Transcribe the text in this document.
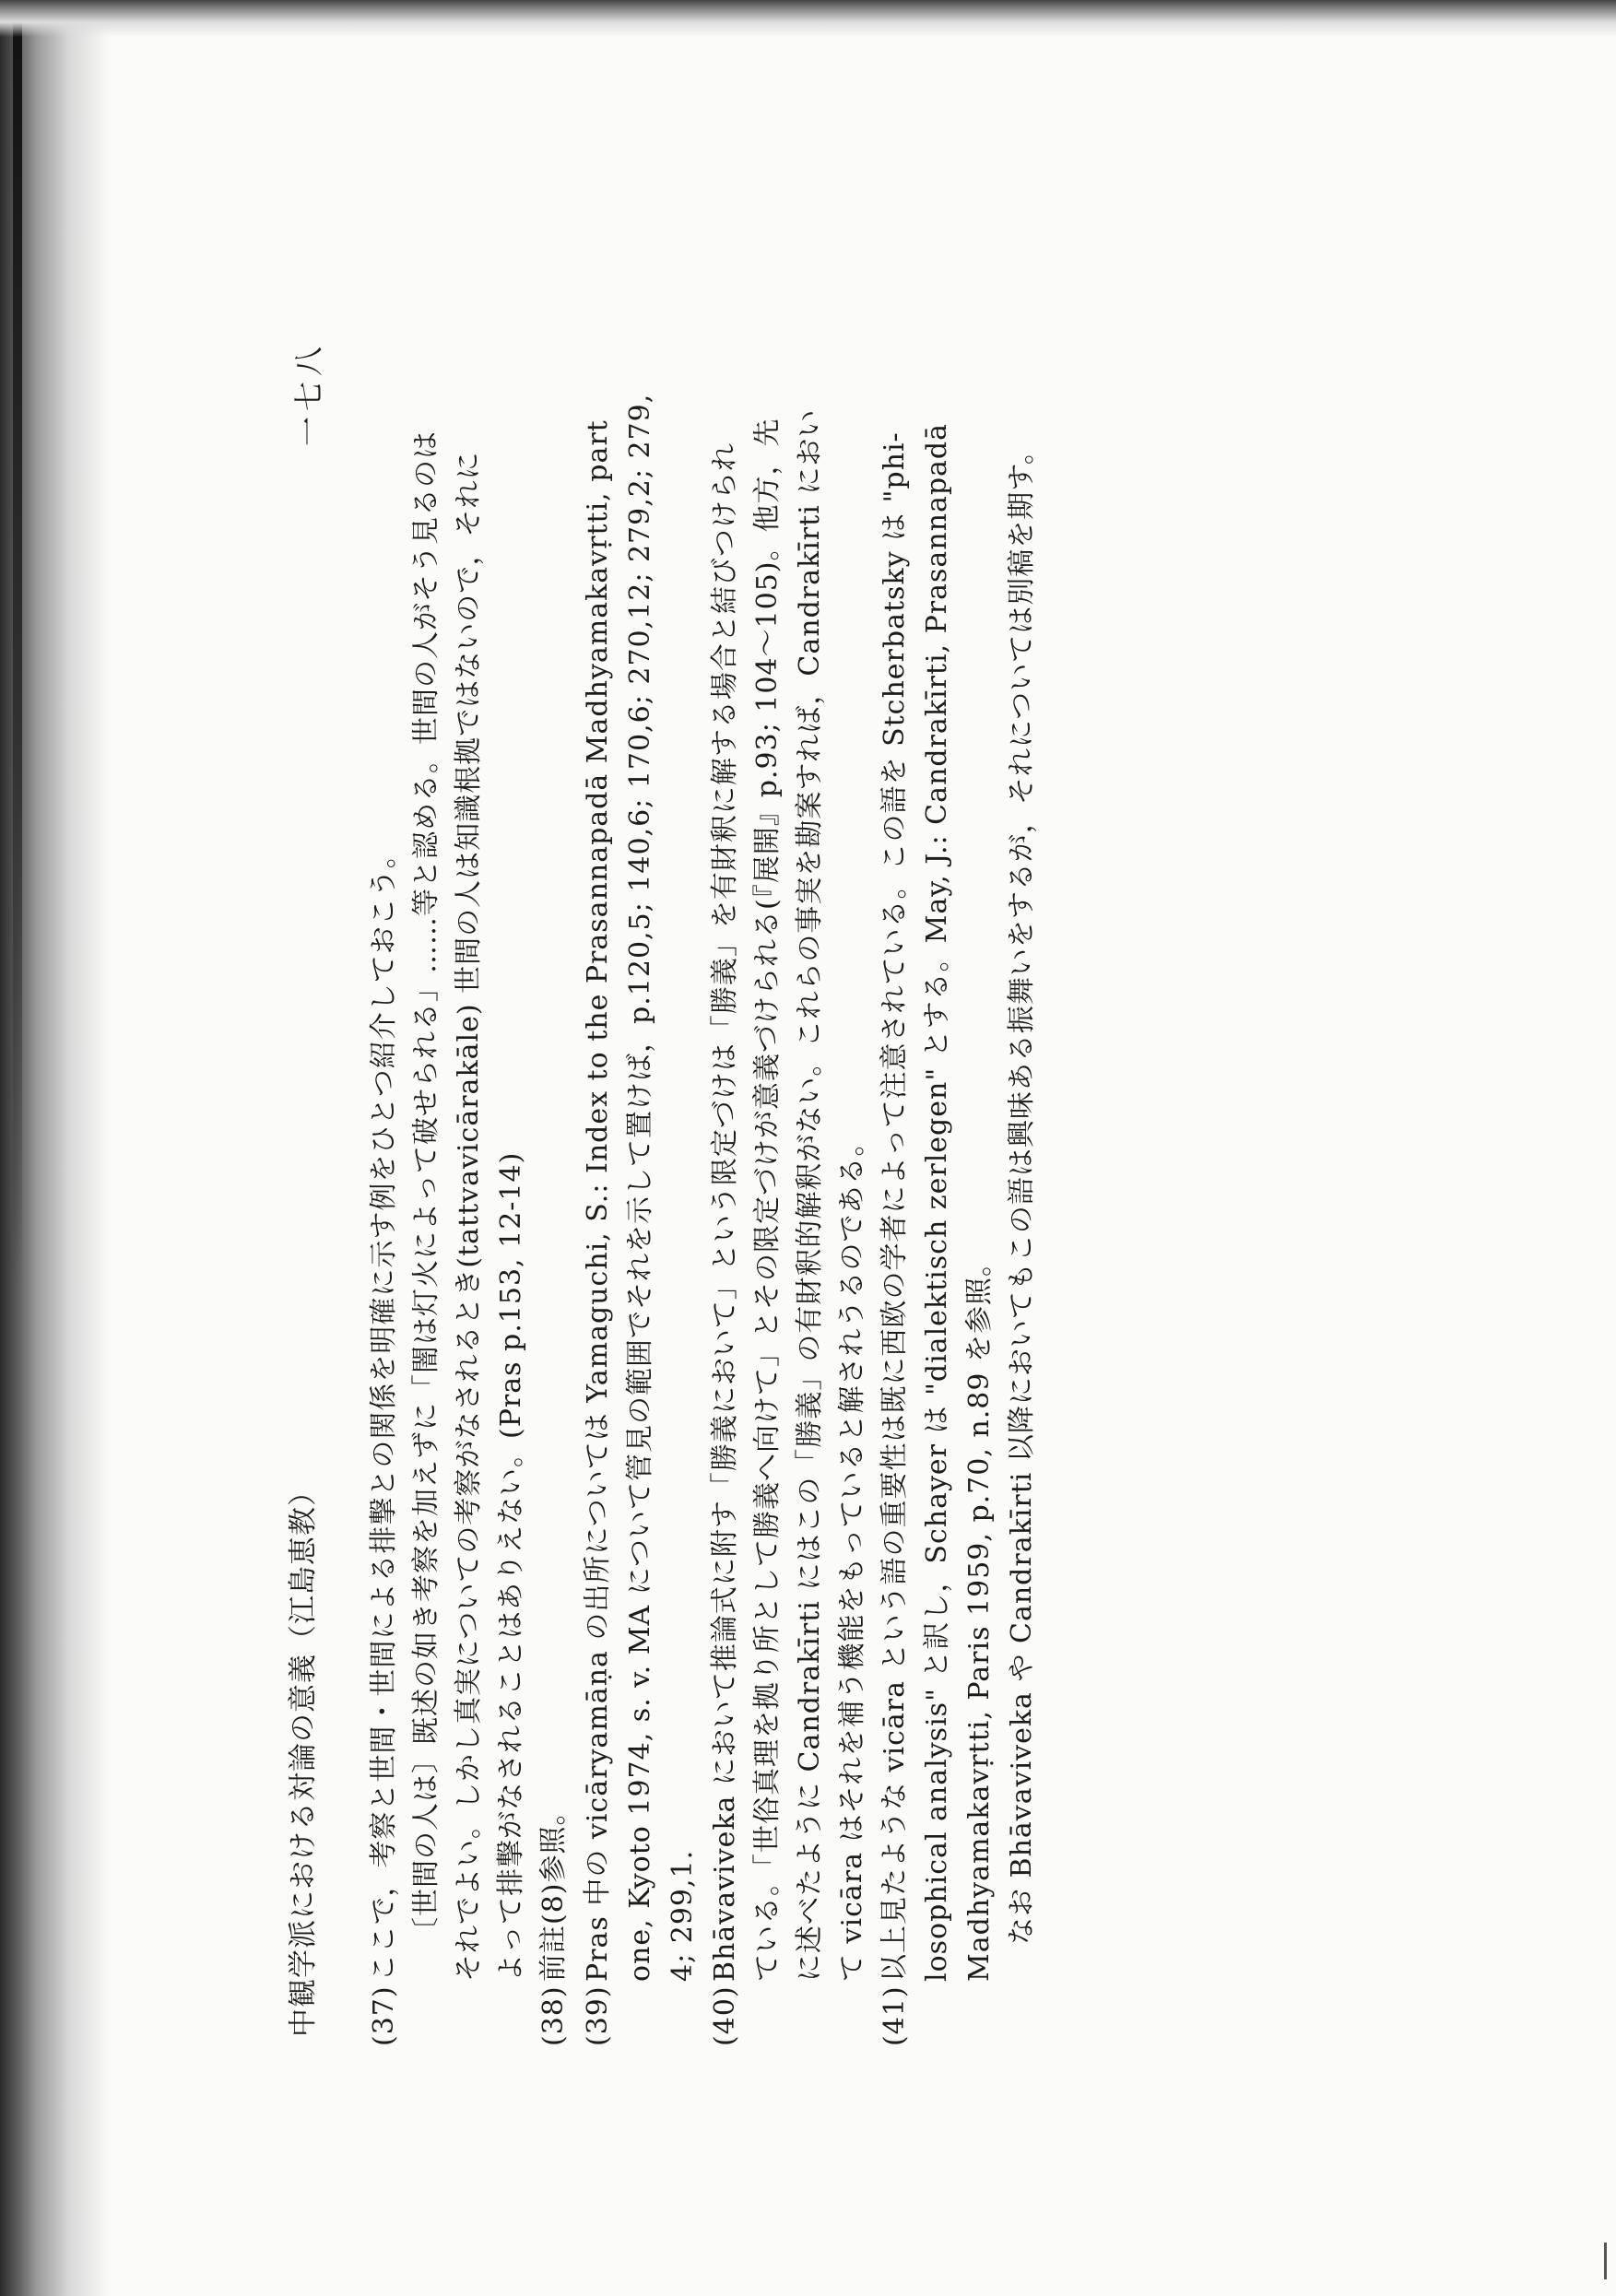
中観学派における対論の意義（江島恵教）
一七八
(37)ここで，考察と世間・世間による排撃との関係を明確に示す例をひとつ紹介しておこう。 〔世間の人は〕既述の如き考察を加えずに「闇は灯火によって破せられる」……等と認める。世間の人がそう見るのは それでよい。しかし真実についての考察がなされるとき(tattvavicārakāle) 世間の人は知識根拠ではないので，それに よって排撃がなされることはありえない。(Pras p.153, 12-14)
(38)前註(8)参照。
(39)Pras 中の vicāryamāṇa の出所については Yamaguchi, S.: Index to the Prasannapadā Madhyamakavṛtti, part one, Kyoto 1974, s. v. MA について管見の範囲でそれを示して置けば，p.120,5; 140,6; 170,6; 270,12; 279,2; 279, 4; 299,1.
(40)Bhāvaviveka において推論式に附す「勝義において」という限定づけは「勝義」を有財釈に解する場合と結びつけられ ている。「世俗真理を拠り所として勝義へ向けて」とその限定づけが意義づけられる(『展開』p.93; 104～105)。他方，先 に述べたように Candrakīrti にはこの「勝義」の有財釈的解釈がない。これらの事実を勘案すれば，Candrakīrti におい て vicāra はそれを補う機能をもっていると解されうるのである。
(41)以上見たような vicāra という語の重要性は既に西欧の学者によって注意されている。この語を Stcherbatsky は "phi- losophical analysis" と訳し，Schayer は "dialektisch zerlegen" とする。May, J.: Candrakīrti, Prasannapadā Madhyamakavṛtti, Paris 1959, p.70, n.89 を参照。 なお Bhāvaviveka や Candrakīrti 以降においてもこの語は興味ある振舞いをするが，それについては別稿を期す。
